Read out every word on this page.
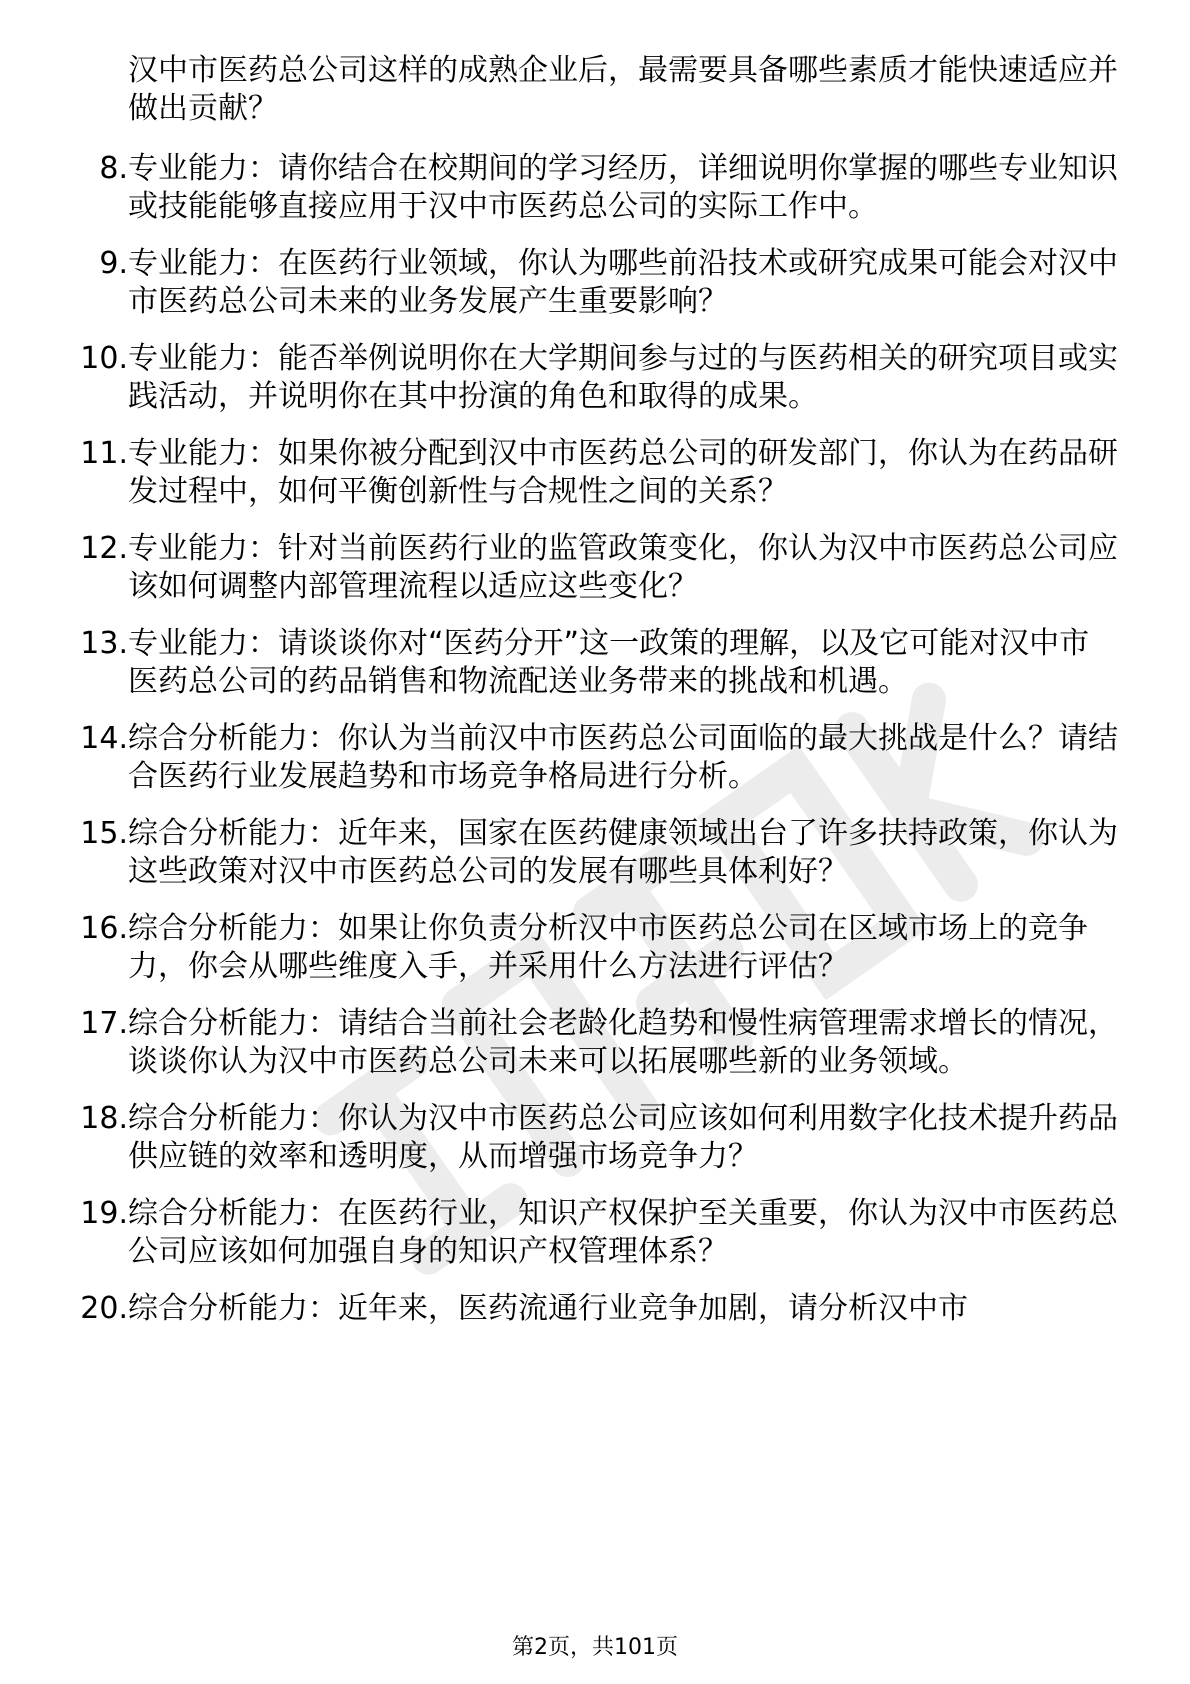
汉中市医药总公司这样的成熟企业后，最需要具备哪些素质才能快速适应并做出贡献？
8. 专业能力：请你结合在校期间的学习经历，详细说明你掌握的哪些专业知识或技能能够直接应用于汉中市医药总公司的实际工作中。
9. 专业能力：在医药行业领域，你认为哪些前沿技术或研究成果可能会对汉中市医药总公司未来的业务发展产生重要影响？
10. 专业能力：能否举例说明你在大学期间参与过的与医药相关的研究项目或实践活动，并说明你在其中扮演的角色和取得的成果。
11. 专业能力：如果你被分配到汉中市医药总公司的研发部门，你认为在药品研发过程中，如何平衡创新性与合规性之间的关系？
12. 专业能力：针对当前医药行业的监管政策变化，你认为汉中市医药总公司应该如何调整内部管理流程以适应这些变化？
13. 专业能力：请谈谈你对“医药分开”这一政策的理解，以及它可能对汉中市医药总公司的药品销售和物流配送业务带来的挑战和机遇。
14. 综合分析能力：你认为当前汉中市医药总公司面临的最大挑战是什么？请结合医药行业发展趋势和市场竞争格局进行分析。
15. 综合分析能力：近年来，国家在医药健康领域出台了许多扶持政策，你认为这些政策对汉中市医药总公司的发展有哪些具体利好？
16. 综合分析能力：如果让你负责分析汉中市医药总公司在区域市场上的竞争力，你会从哪些维度入手，并采用什么方法进行评估？
17. 综合分析能力：请结合当前社会老龄化趋势和慢性病管理需求增长的情况，谈谈你认为汉中市医药总公司未来可以拓展哪些新的业务领域。
18. 综合分析能力：你认为汉中市医药总公司应该如何利用数字化技术提升药品供应链的效率和透明度，从而增强市场竞争力？
19. 综合分析能力：在医药行业，知识产权保护至关重要，你认为汉中市医药总公司应该如何加强自身的知识产权管理体系？
20. 综合分析能力：近年来，医药流通行业竞争加剧，请分析汉中市
第2页，共101页
